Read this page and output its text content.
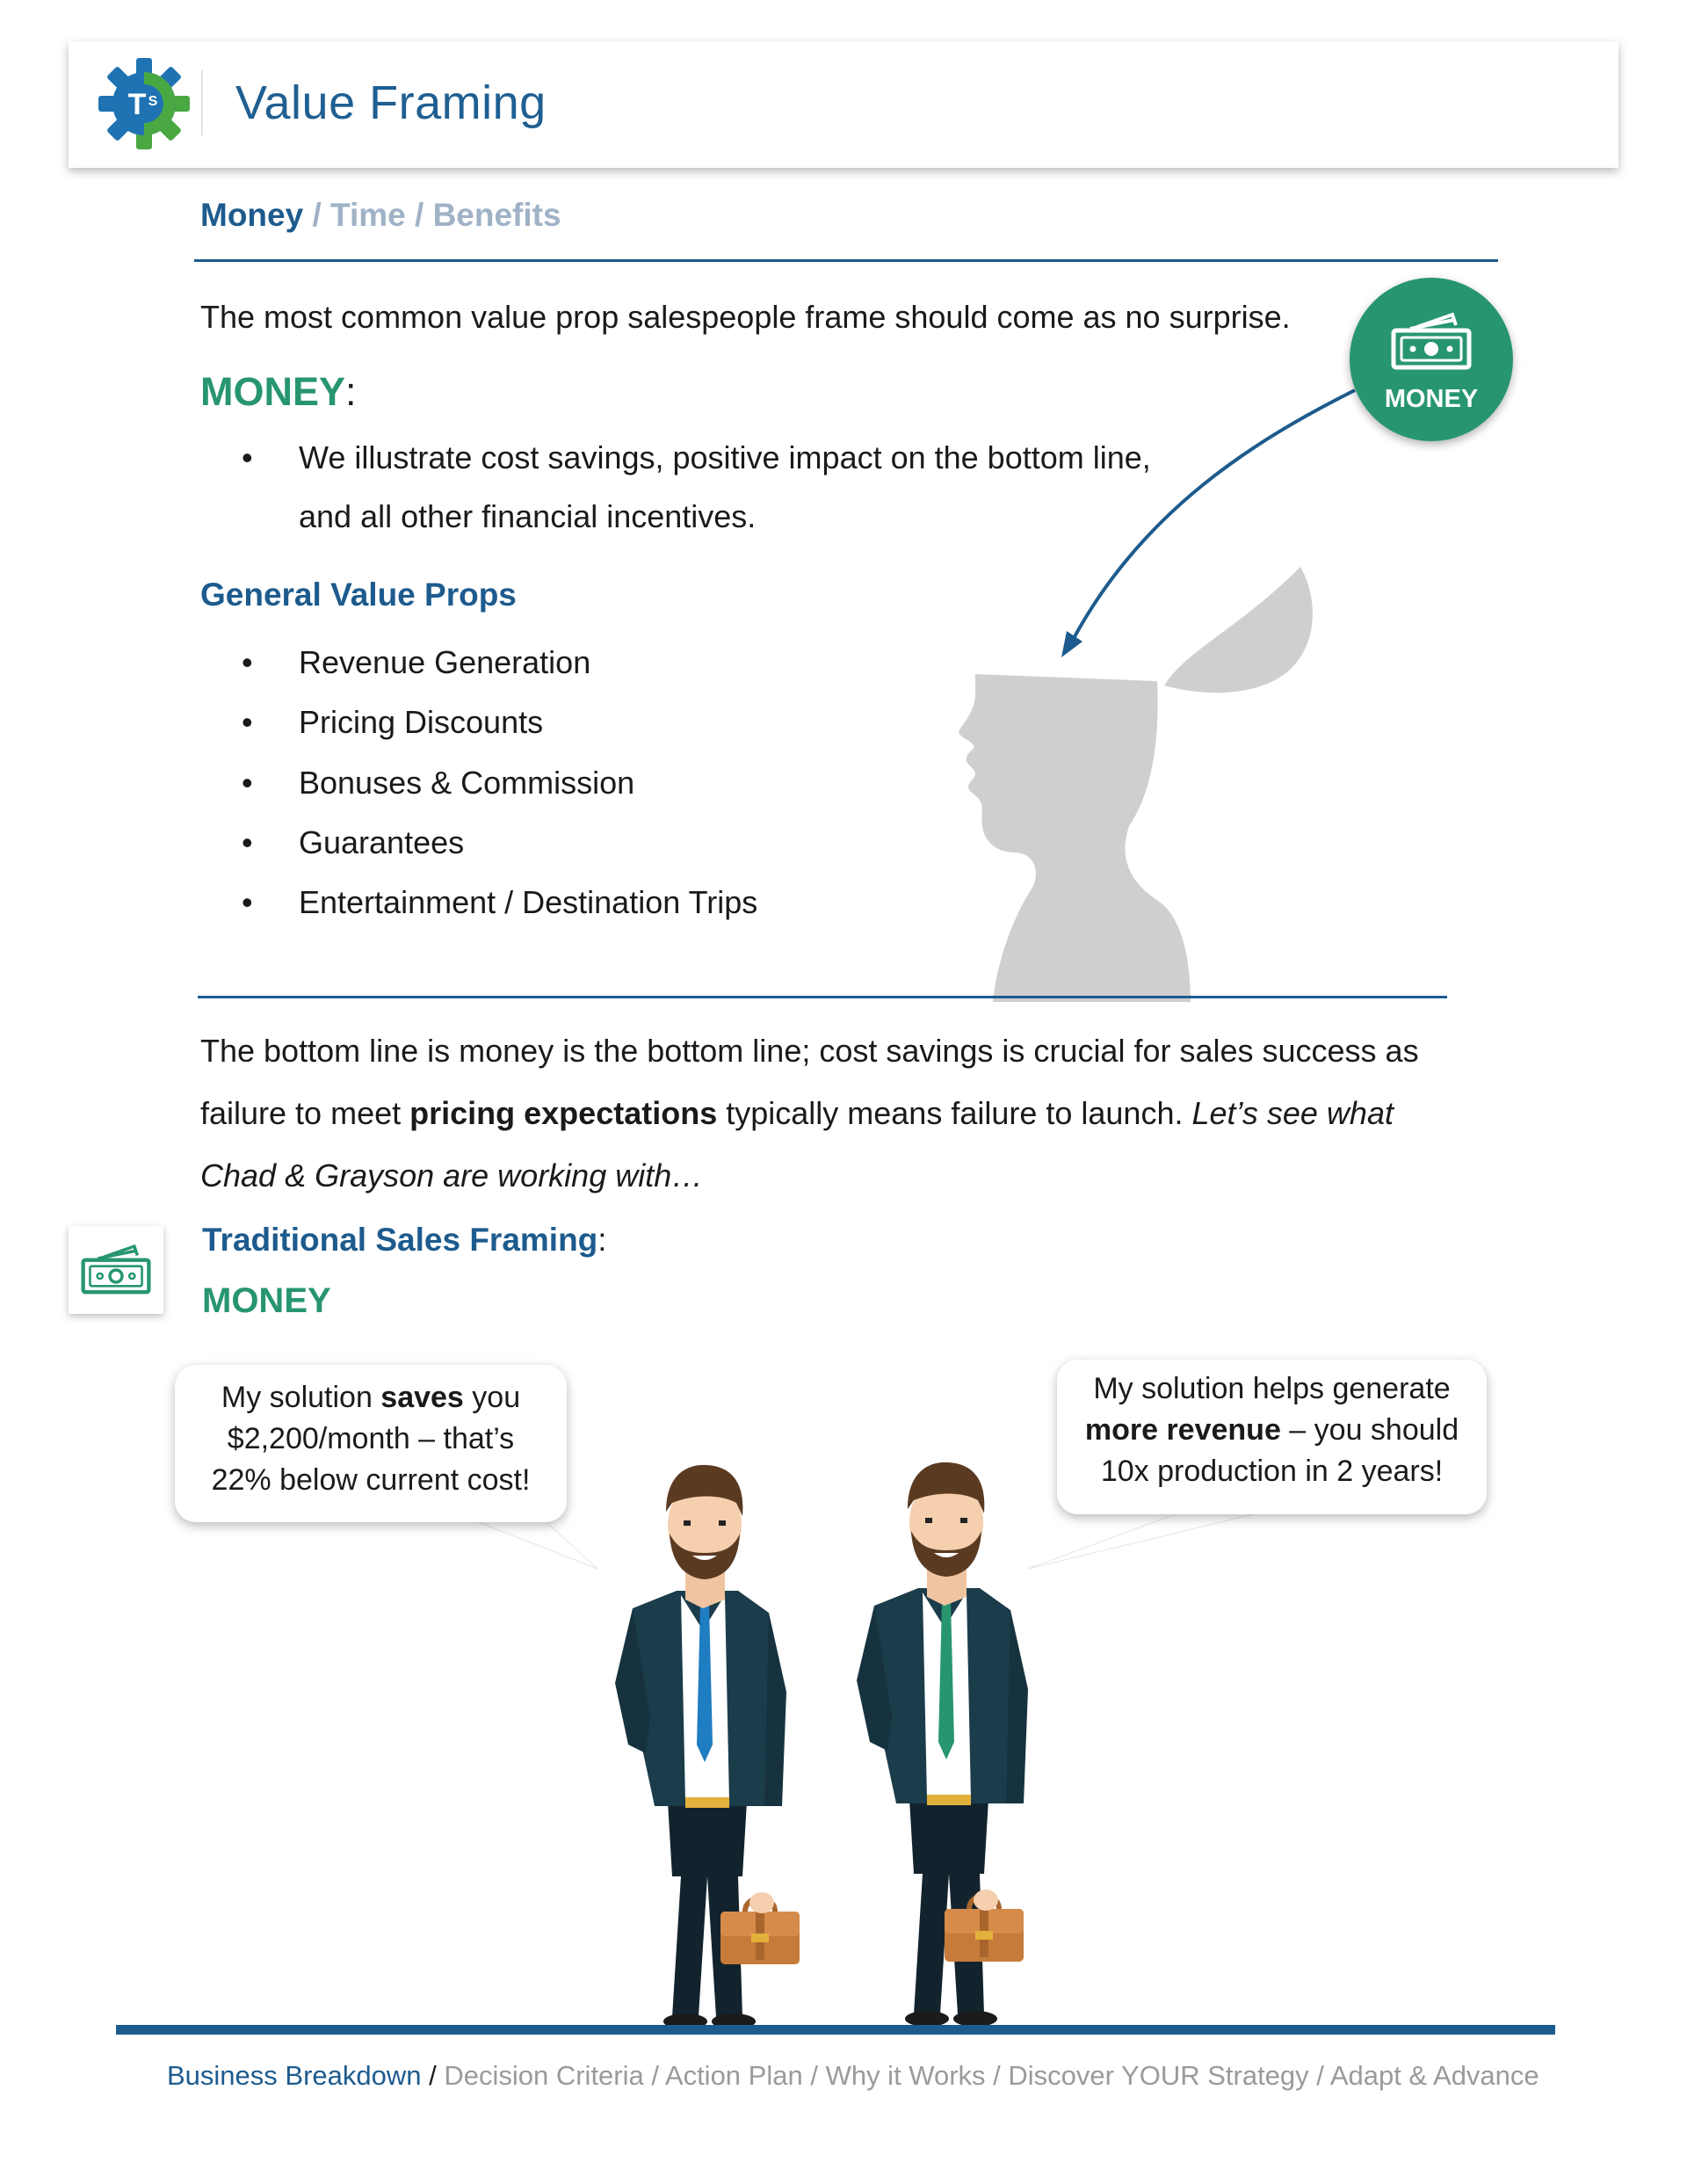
T S Value Framing
Money / Time / Benefits
The most common value prop salespeople frame should come as no surprise.
MONEY:
• We illustrate cost savings, positive impact on the bottom line,
and all other financial incentives.
General Value Props
• Revenue Generation
• Pricing Discounts
• Bonuses & Commission
• Guarantees
• Entertainment / Destination Trips
MONEY
The bottom line is money is the bottom line; cost savings is crucial for sales success as
failure to meet pricing expectations typically means failure to launch. Let’s see what
Chad & Grayson are working with…
Traditional Sales Framing:
MONEY
My solution saves you
$2,200/month – that’s
22% below current cost!
My solution helps generate
more revenue – you should
10x production in 2 years!
Business Breakdown / Decision Criteria / Action Plan / Why it Works / Discover YOUR Strategy / Adapt & Advance
